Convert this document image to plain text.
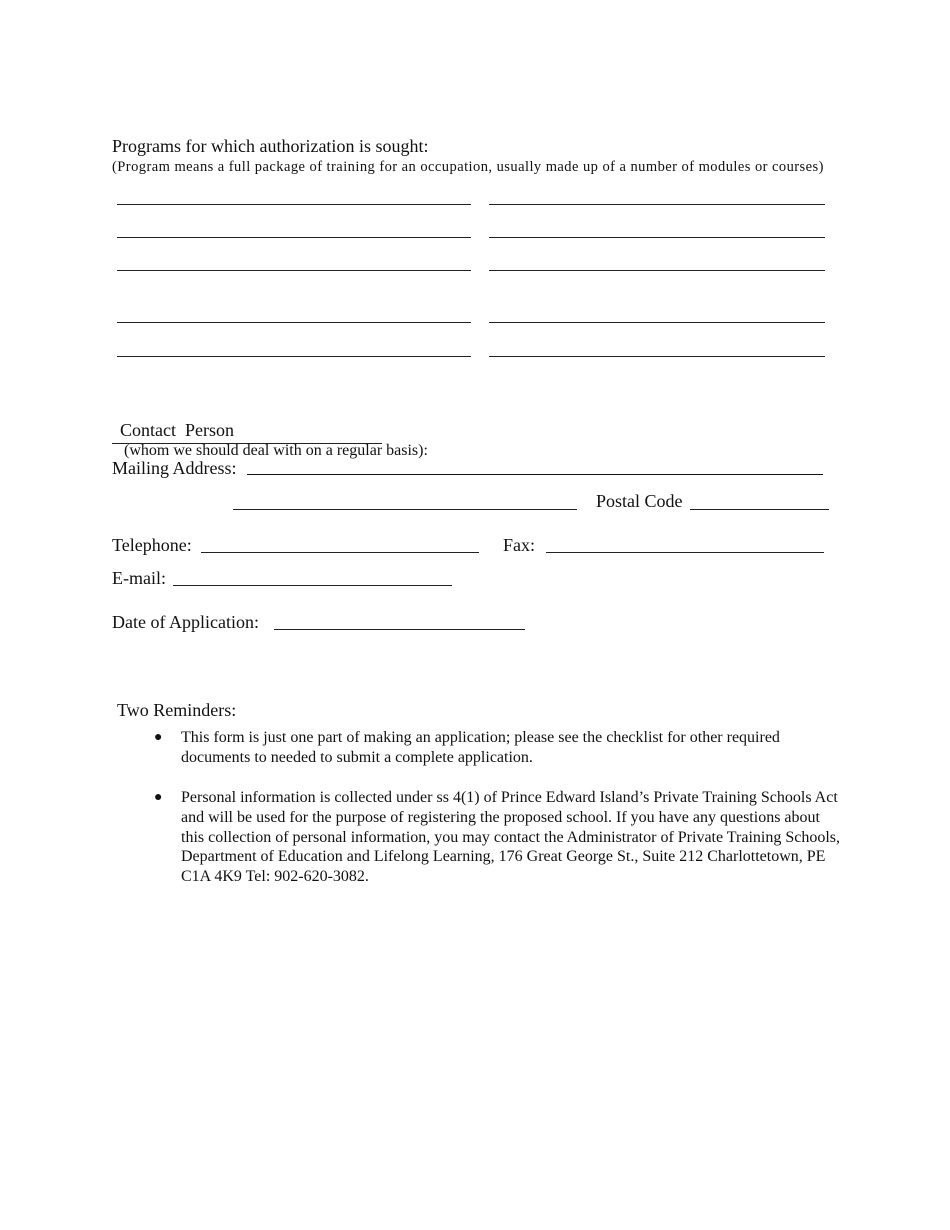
Programs for which authorization is sought:
(Program means a full package of training for an occupation, usually made up of a number of modules or courses)

Contact  Person
(whom we should deal with on a regular basis):

Mailing Address:
Postal Code
Telephone:	Fax:
E-mail:
Date of Application:
Two Reminders:
● This form is just one part of making an application; please see the checklist for other required documents to needed to submit a complete application.
● Personal information is collected under ss 4(1) of Prince Edward Island’s Private Training Schools Act and will be used for the purpose of registering the proposed school. If you have any questions about this collection of personal information, you may contact the Administrator of Private Training Schools, Department of Education and Lifelong Learning, 176 Great George St., Suite 212 Charlottetown, PE C1A 4K9 Tel: 902-620-3082.
